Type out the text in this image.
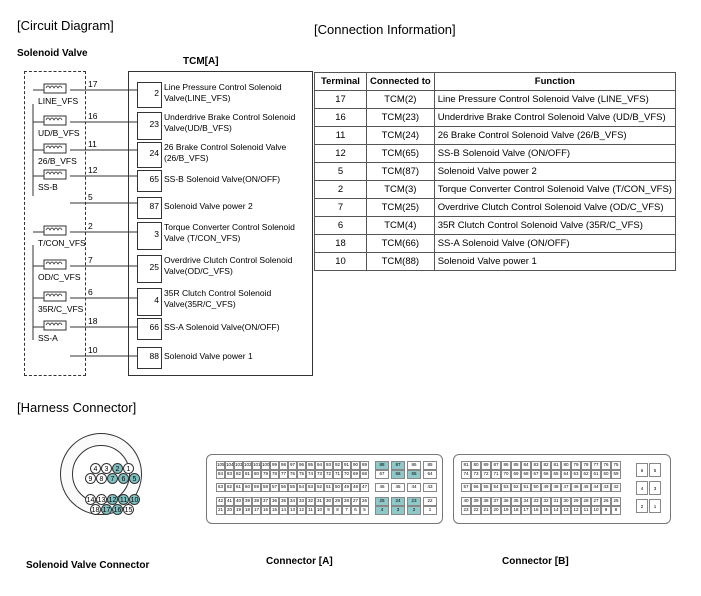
[Circuit Diagram]	[Connection Information]
[Harness Connector]
Solenoid Valve
TCM[A]
LINE_VFS
17
2
Line Pressure Control Solenoid
Valve(LINE_VFS)
UD/B_VFS
16
23
Underdrive Brake Control Solenoid
Valve(UD/B_VFS)
26/B_VFS
11
24
26 Brake Control Solenoid Valve
(26/B_VFS)
SS-B
12
65 SS-B Solenoid Valve(ON/OFF)
5
87 Solenoid Valve power 2
T/CON_VFS
2
3
Torque Converter Control Solenoid
Valve (T/CON_VFS)
OD/C_VFS
7
25
Overdrive Clutch Control Solenoid
Valve(OD/C_VFS)
35R/C_VFS
6
4
35R Clutch Control Solenoid
Valve(35R/C_VFS)
SS-A
18
66 SS-A Solenoid Valve(ON/OFF)
10
88 Solenoid Valve power 1
Terminal	Connected to	Function
17	TCM(2)	Line Pressure Control Solenoid Valve (LINE_VFS)
16	TCM(23)	Underdrive Brake Control Solenoid Valve (UD/B_VFS)
11	TCM(24)	26 Brake Control Solenoid Valve (26/B_VFS)
12	TCM(65)	SS-B Solenoid Valve (ON/OFF)
5	TCM(87)	Solenoid Valve power 2
2	TCM(3)	Torque Converter Control Solenoid Valve (T/CON_VFS)
7	TCM(25)	Overdrive Clutch Control Solenoid Valve (OD/C_VFS)
6	TCM(4)	35R Clutch Control Solenoid Valve (35R/C_VFS)
18	TCM(66)	SS-A Solenoid Valve (ON/OFF)
10	TCM(88)	Solenoid Valve power 1
4	3	2	1
9	8	7	6	5
14 13 12 11 10
18 17 16 15
Solenoid Valve Connector
105 104 103 102 101 100 99 98 97 96 95 94 93 92 91 90 89
84 83 82 81 80 79 78 77 76 75 74 73 72 71 70 69 68
63 62 61 60 59 58 57 56 55 54 53 52 51 50 49 48 47
42 41 40 39 38 37 36 35 34 33 32 31 30 29 28 27 26
21 20 19 18 17 16 15 14 13 12 11 10	9	8	7	6	5
88	87	86	85
67	66	65	64
46	45	44	43
25	24	23	22
4	3	2	1
Connector [A]
81	80	89	87	86	85	84	83	82	81	80	79	78	77	76	75
74	73	72	71	70	69	68	67	66	65	64	63	62	61	60	59
57	56	55	54	53	52	51	50	49	48	47	46	45	44	43	42
40	39	38	37	36	35	34	33	32	31	30	29	28	27	26	25
23	22	21	20	19	18	17	16	15	14	13	12	11	10	9	8
6	5
4	3
2	1
Connector [B]
